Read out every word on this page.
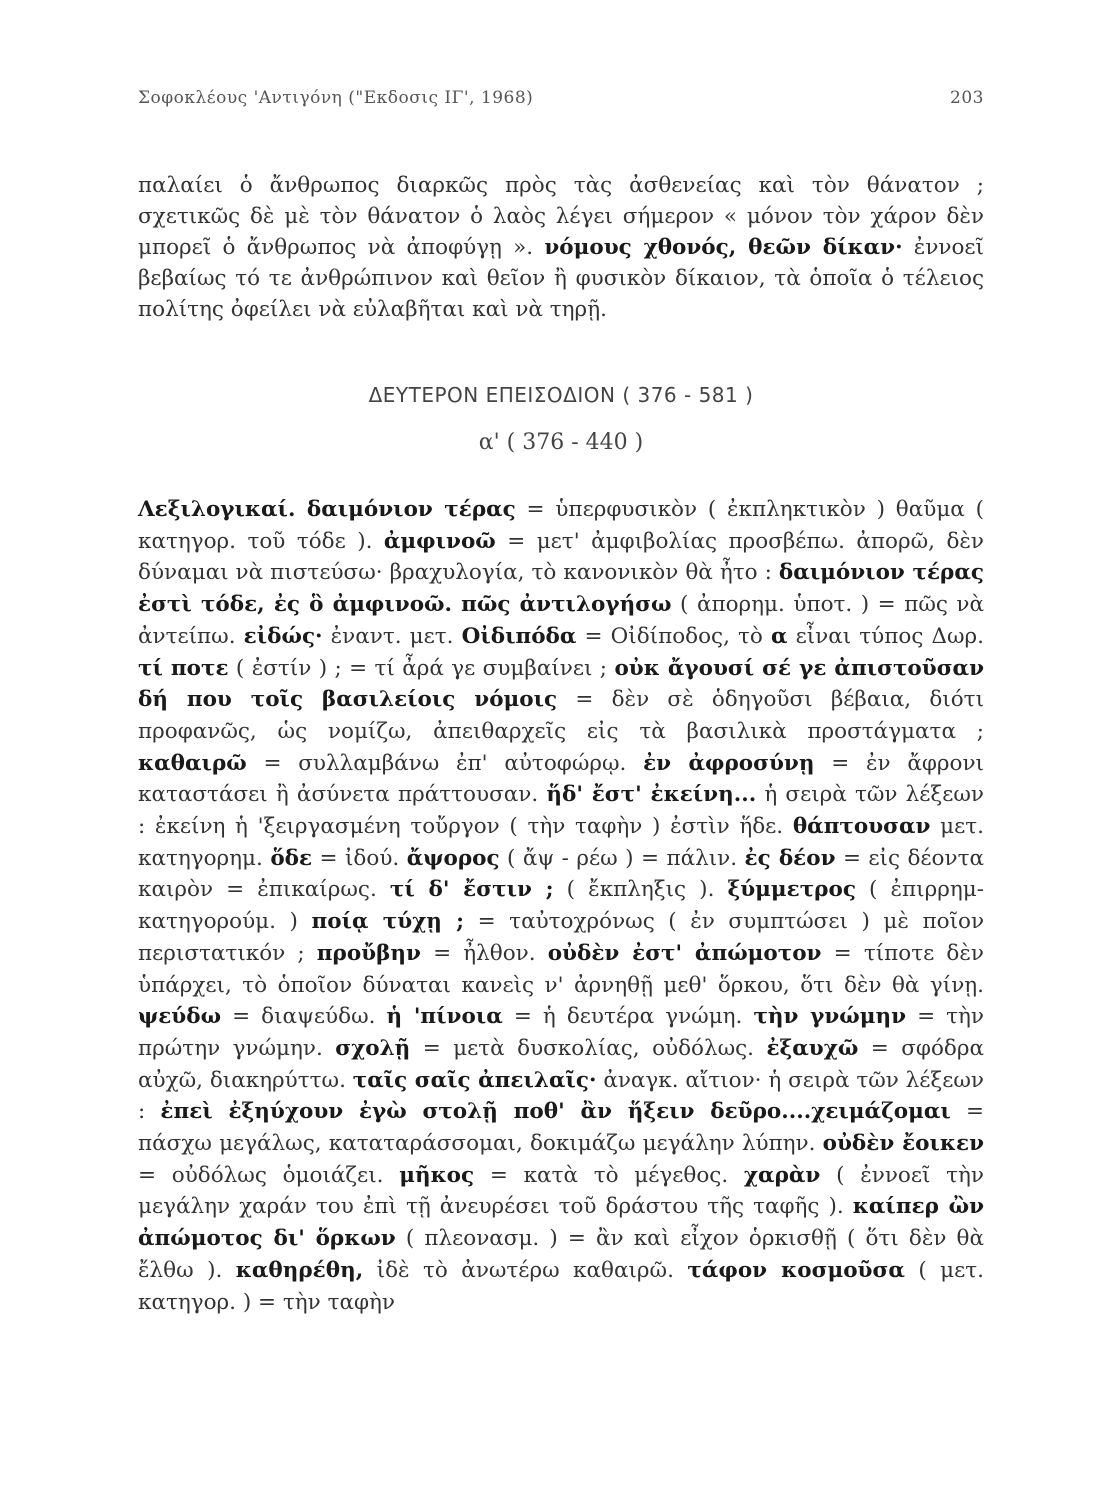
Σοφοκλέους 'Αντιγόνη ("Εκδοσις ΙΓ', 1968)	203
παλαίει ὁ ἄνθρωπος διαρκῶς πρὸς τὰς ἀσθενείας καὶ τὸν θάνατον ; σχετικῶς δὲ μὲ τὸν θάνατον ὁ λαὸς λέγει σήμερον « μόνον τὸν χάρον δὲν μπορεῖ ὁ ἄνθρωπος νὰ ἀποφύγῃ ». νόμους χθονός, θεῶν δίκαν· ἐννοεῖ βεβαίως τό τε ἀνθρώπινον καὶ θεῖον ἢ φυσικὸν δίκαιον, τὰ ὁποῖα ὁ τέλειος πολίτης ὀφείλει νὰ εὐλαβῆται καὶ νὰ τηρῇ.
ΔΕΥΤΕΡΟΝ ΕΠΕΙΣΟΔΙΟΝ ( 376 - 581 )
α' ( 376 - 440 )
Λεξιλογικαί. δαιμόνιον τέρας = ὑπερφυσικὸν ( ἐκπληκτικὸν ) θαῦμα ( κατηγορ. τοῦ τόδε ). ἀμφινοῶ = μετ' ἀμφιβολίας προσβέπω. ἀπορῶ, δὲν δύναμαι νὰ πιστεύσω· βραχυλογία, τὸ κανονικὸν θὰ ἦτο : δαιμόνιον τέρας ἐστὶ τόδε, ἐς ὃ ἀμφινοῶ. πῶς ἀντιλογήσω ( ἀπορημ. ὑποτ. ) = πῶς νὰ ἀντείπω. εἰδώς· ἐναντ. μετ. Οἰδιπόδα = Οἰδίποδος, τὸ α εἶναι τύπος Δωρ. τί ποτε ( ἐστίν ) ; = τί ἆρά γε συμβαίνει ; οὐκ ἄγουσί σέ γε ἀπιστοῦσαν δή που τοῖς βασιλείοις νόμοις = δὲν σὲ ὁδηγοῦσι βέβαια, διότι προφανῶς, ὡς νομίζω, ἀπειθαρχεῖς εἰς τὰ βασιλικὰ προστάγματα ; καθαιρῶ = συλλαμβάνω ἐπ' αὐτοφώρῳ. ἐν ἀφροσύνῃ = ἐν ἄφρονι καταστάσει ἢ ἀσύνετα πράττουσαν. ἥδ' ἔστ' ἐκείνη... ἡ σειρὰ τῶν λέξεων : ἐκείνη ἡ 'ξειργασμένη τοὔργον ( τὴν ταφὴν ) ἐστὶν ἥδε. θάπτουσαν μετ. κατηγορημ. ὅδε = ἰδού. ἄψορος ( ἄψ - ρέω ) = πάλιν. ἐς δέον = εἰς δέοντα καιρὸν = ἐπικαίρως. τί δ' ἔστιν ; ( ἔκπληξις ). ξύμμετρος ( ἐπιρρημ-κατηγορούμ. ) ποίᾳ τύχῃ ; = ταὐτοχρόνως ( ἐν συμπτώσει ) μὲ ποῖον περιστατικόν ; προὔβην = ἦλθον. οὐδὲν ἐστ' ἀπώμοτον = τίποτε δὲν ὑπάρχει, τὸ ὁποῖον δύναται κανεὶς ν' ἀρνηθῇ μεθ' ὅρκου, ὅτι δὲν θὰ γίνῃ. ψεύδω = διαψεύδω. ἡ 'πίνοια = ἡ δευτέρα γνώμη. τὴν γνώμην = τὴν πρώτην γνώμην. σχολῇ = μετὰ δυσκολίας, οὐδόλως. ἐξαυχῶ = σφόδρα αὐχῶ, διακηρύττω. ταῖς σαῖς ἀπειλαῖς· ἀναγκ. αἴτιον· ἡ σειρὰ τῶν λέξεων : ἐπεὶ ἐξηύχουν ἐγὼ στολῇ ποθ' ἂν ἥξειν δεῦρο....χειμάζομαι = πάσχω μεγάλως, καταταράσσομαι, δοκιμάζω μεγάλην λύπην. οὐδὲν ἔοικεν = οὐδόλως ὁμοιάζει. μῆκος = κατὰ τὸ μέγεθος. χαρὰν ( ἐννοεῖ τὴν μεγάλην χαράν του ἐπὶ τῇ ἀνευρέσει τοῦ δράστου τῆς ταφῆς ). καίπερ ὢν ἀπώμοτος δι' ὅρκων ( πλεονασμ. ) = ἂν καὶ εἶχον ὁρκισθῇ ( ὅτι δὲν θὰ ἔλθω ). καθηρέθη, ἰδὲ τὸ ἀνωτέρω καθαιρῶ. τάφον κοσμοῦσα ( μετ. κατηγορ. ) = τὴν ταφὴν
